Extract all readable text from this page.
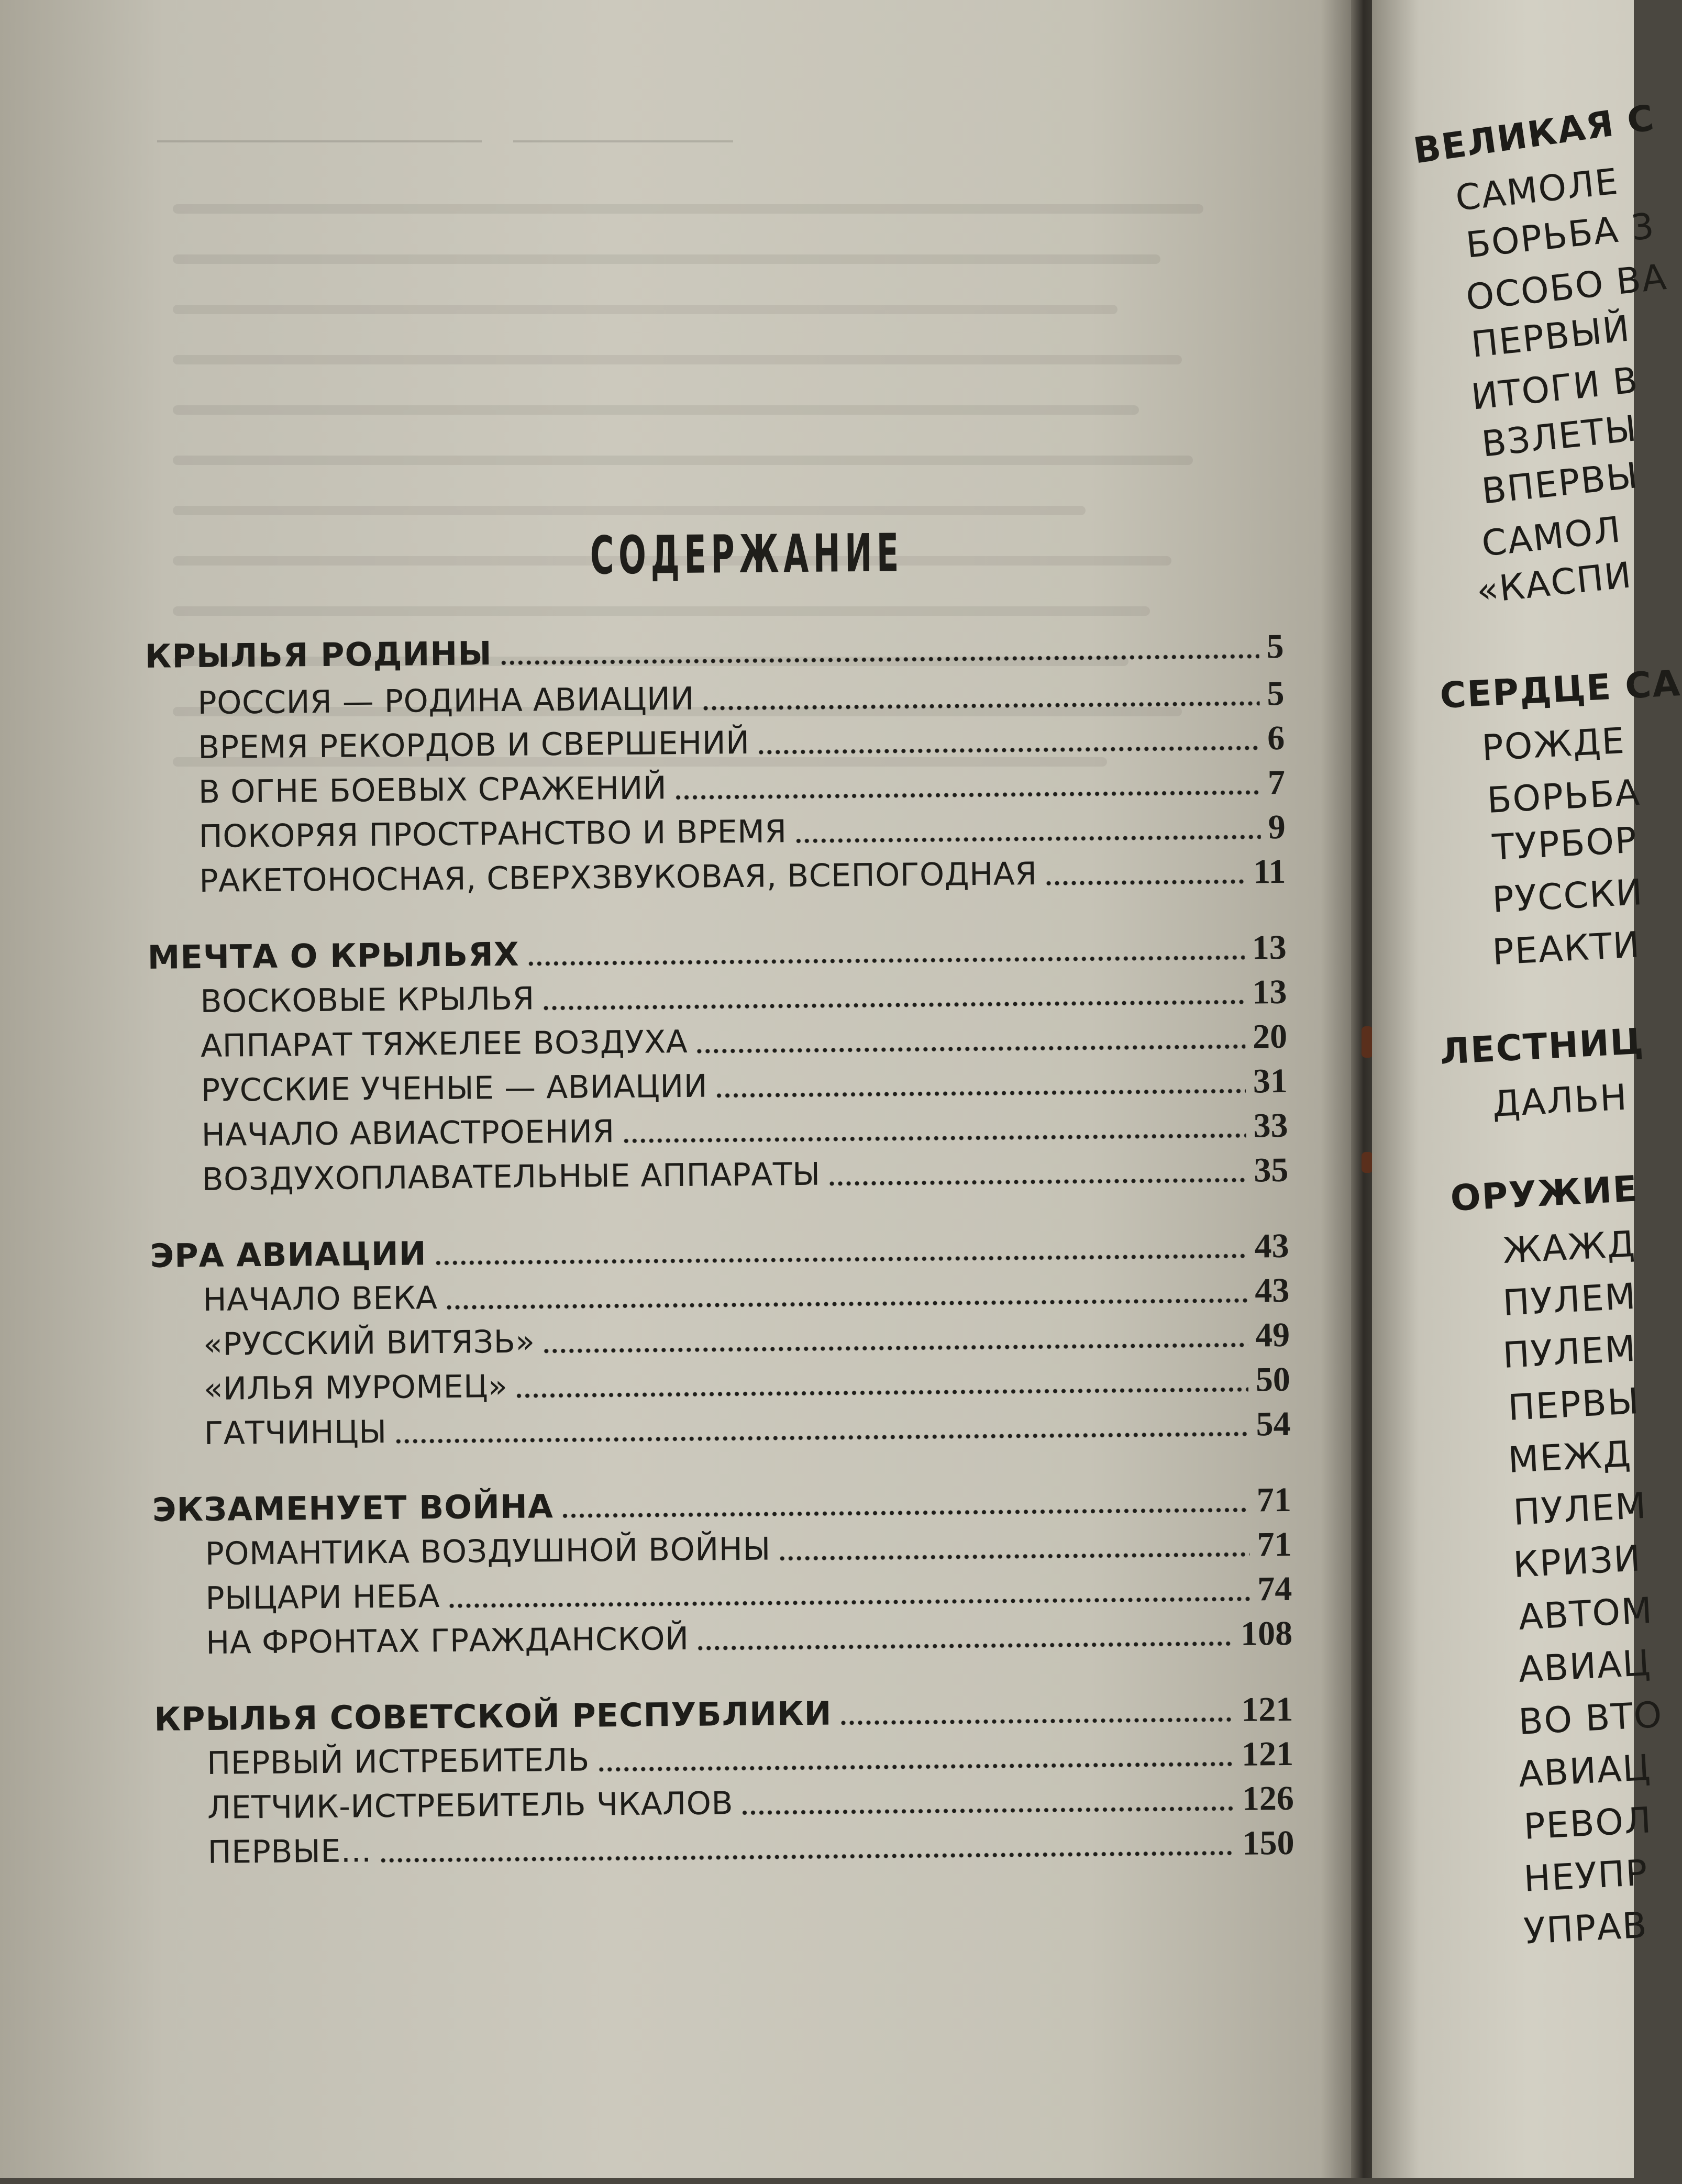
СОДЕРЖАНИЕ
КРЫЛЬЯ РОДИНЫ	5
РОССИЯ — РОДИНА АВИАЦИИ	5
ВРЕМЯ РЕКОРДОВ И СВЕРШЕНИЙ	6
В ОГНЕ БОЕВЫХ СРАЖЕНИЙ	7
ПОКОРЯЯ ПРОСТРАНСТВО И ВРЕМЯ	9
РАКЕТОНОСНАЯ, СВЕРХЗВУКОВАЯ, ВСЕПОГОДНАЯ	11
МЕЧТА О КРЫЛЬЯХ	13
ВОСКОВЫЕ КРЫЛЬЯ	13
АППАРАТ ТЯЖЕЛЕЕ ВОЗДУХА	20
РУССКИЕ УЧЕНЫЕ — АВИАЦИИ	31
НАЧАЛО АВИАСТРОЕНИЯ	33
ВОЗДУХОПЛАВАТЕЛЬНЫЕ АППАРАТЫ	35
ЭРА АВИАЦИИ	43
НАЧАЛО ВЕКА	43
«РУССКИЙ ВИТЯЗЬ»	49
«ИЛЬЯ МУРОМЕЦ»	50
ГАТЧИНЦЫ	54
ЭКЗАМЕНУЕТ ВОЙНА	71
РОМАНТИКА ВОЗДУШНОЙ ВОЙНЫ	71
РЫЦАРИ НЕБА	74
НА ФРОНТАХ ГРАЖДАНСКОЙ	108
КРЫЛЬЯ СОВЕТСКОЙ РЕСПУБЛИКИ	121
ПЕРВЫЙ ИСТРЕБИТЕЛЬ	121
ЛЕТЧИК-ИСТРЕБИТЕЛЬ ЧКАЛОВ	126
ПЕРВЫЕ...	150
ВЕЛИКАЯ С
САМОЛЕ
БОРЬБА 3
ОСОБО ВА
ПЕРВЫЙ
ИТОГИ В
ВЗЛЕТЫ
ВПЕРВЫ
САМОЛ
«КАСПИ
СЕРДЦЕ СА
РОЖДЕ
БОРЬБА
ТУРБОР
РУССКИ
РЕАКТИ
ЛЕСТНИЦ
ДАЛЬН
ОРУЖИЕ
ЖАЖД
ПУЛЕМ
ПУЛЕМ
ПЕРВЫ
МЕЖД
ПУЛЕМ
КРИЗИ
АВТОМ
АВИАЦ
ВО ВТО
АВИАЦ
РЕВОЛ
НЕУПР
УПРАВ
